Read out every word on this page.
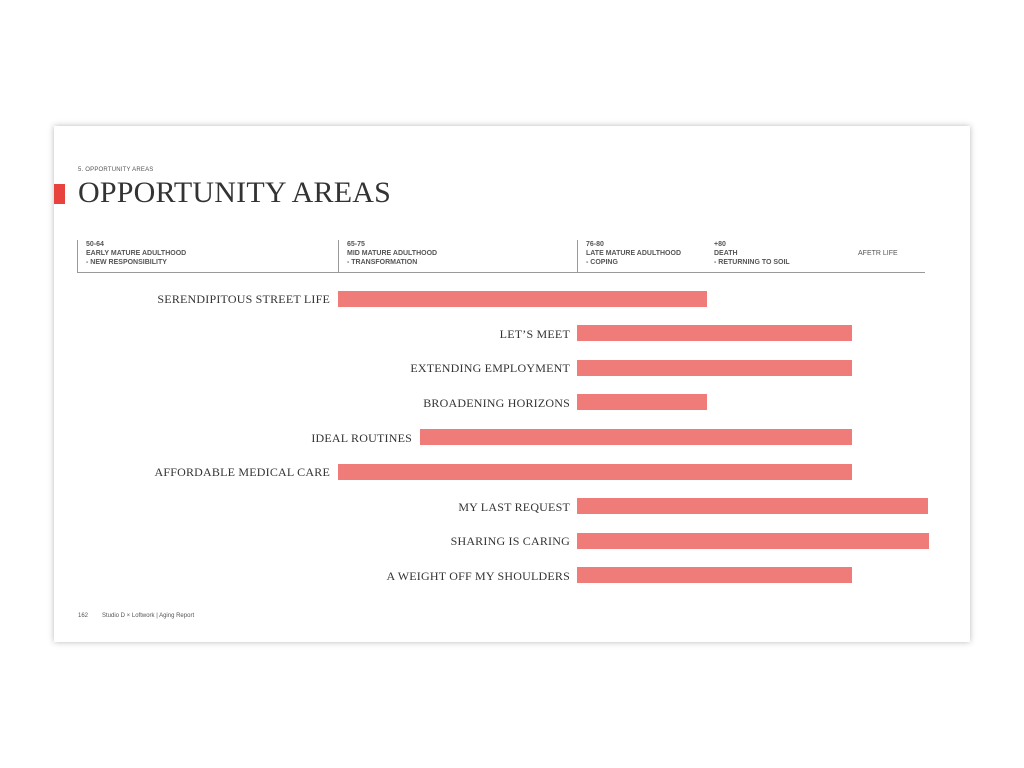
5. OPPORTUNITY AREAS
OPPORTUNITY AREAS
50-64
EARLY MATURE ADULTHOOD
- NEW RESPONSIBILITY
65-75
MID MATURE ADULTHOOD
- TRANSFORMATION
76-80
LATE MATURE ADULTHOOD
- COPING
+80
DEATH
- RETURNING TO SOIL
AFETR LIFE
SERENDIPITOUS STREET LIFE
LET’S MEET
EXTENDING EMPLOYMENT
BROADENING HORIZONS
IDEAL ROUTINES
AFFORDABLE MEDICAL CARE
MY LAST REQUEST
SHARING IS CARING
A WEIGHT OFF MY SHOULDERS
162 Studio D × Loftwork | Aging Report
